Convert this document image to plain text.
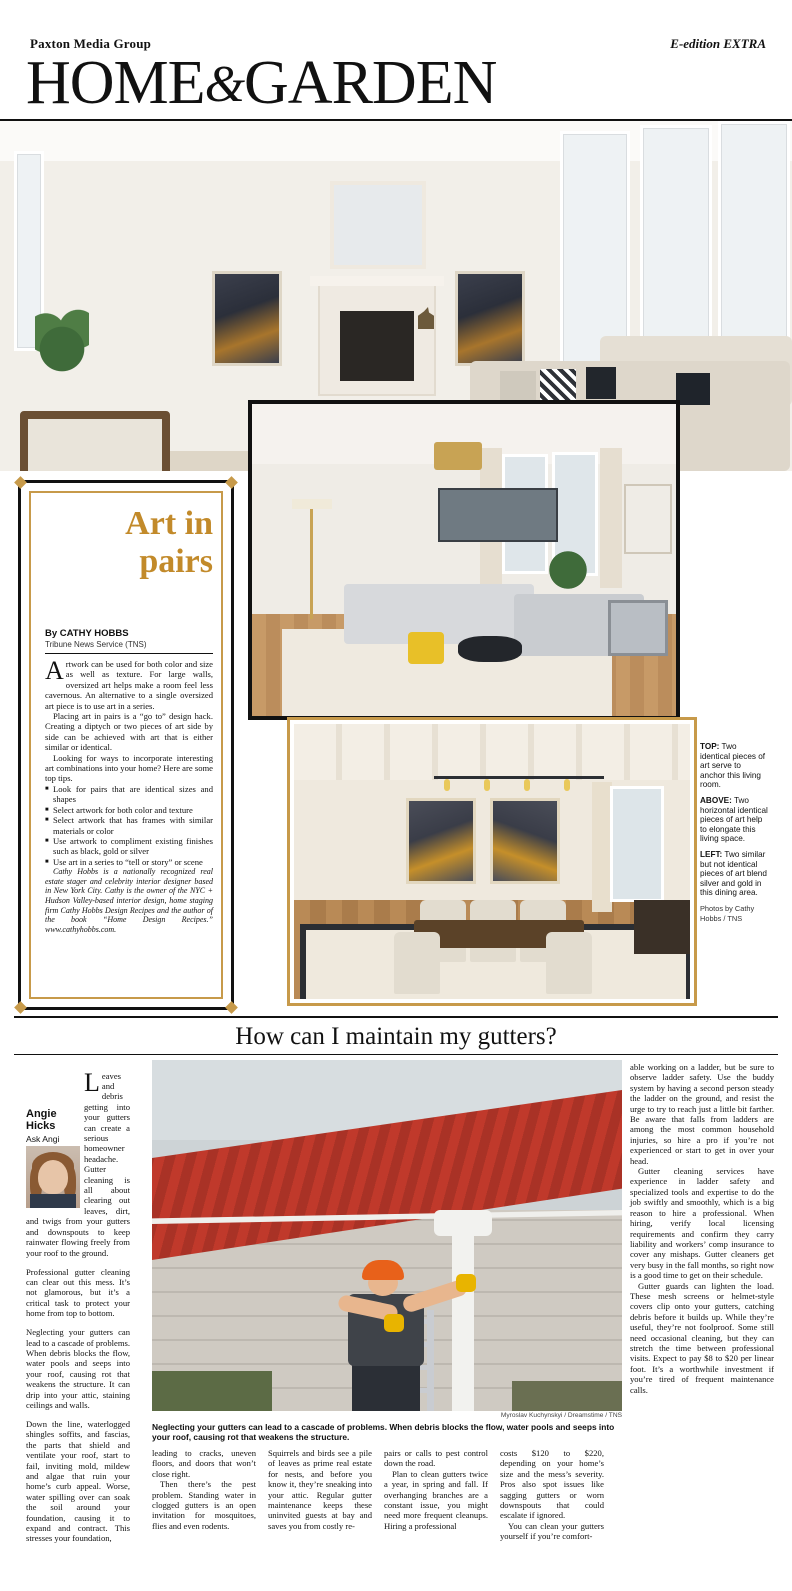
Paxton Media Group	E-edition EXTRA
HOME&GARDEN
Art in
pairs
By CATHY HOBBS
Tribune News Service (TNS)

Artwork can be used for both color and size as well as texture. For large walls, oversized art helps make a room feel less cavernous. An alternative to a single oversized art piece is to use art in a series.

Placing art in pairs is a “go to” design hack. Creating a diptych or two pieces of art side by side can be achieved with art that is either similar or identical.

Looking for ways to incorporate interesting art combinations into your home? Here are some top tips.

■ Look for pairs that are identical sizes and shapes

■ Select artwork for both color and texture

■ Select artwork that has frames with similar materials or color

■ Use artwork to compliment existing finishes such as black, gold or silver

■ Use art in a series to “tell or story” or scene

Cathy Hobbs is a nationally recognized real estate stager and celebrity interior designer based in New York City. Cathy is the owner of the NYC + Hudson Valley-based interior design, home staging firm Cathy Hobbs Design Recipes and the author of the book “Home Design Recipes.” www.cathyhobbs.com.

TOP: Two identical pieces of art serve to anchor this living room.

ABOVE: Two horizontal identical pieces of art help to elongate this living space.

LEFT: Two similar but not identical pieces of art blend silver and gold in this dining area.

Photos by Cathy Hobbs / TNS

How can I maintain my gutters?

Leaves and debris getting into your gutters can create a serious homeowner headache. Gutter cleaning is all about clearing out leaves, dirt, and twigs from your gutters and downspouts to keep rainwater flowing freely from your roof to the ground.

Professional gutter cleaning can clear out this mess. It’s not glamorous, but it’s a critical task to protect your home from top to bottom.

Neglecting your gutters can lead to a cascade of problems. When debris blocks the flow, water pools and seeps into your roof, causing rot that weakens the structure. It can drip into your attic, staining ceilings and walls.

Down the line, waterlogged shingles soffits, and fascias, the parts that shield and ventilate your roof, start to fail, inviting mold, mildew and algae that ruin your home’s curb appeal. Worse, water spilling over can soak the soil around your foundation, causing it to expand and contract. This stresses your foundation,

Angie Hicks
Ask Angi
Myroslav Kuchynskyi / Dreamstime / TNS
Neglecting your gutters can lead to a cascade of problems. When debris blocks the flow, water pools and seeps into your roof, causing rot that weakens the structure.

able working on a ladder, but be sure to observe ladder safety. Use the buddy system by having a second person steady the ladder on the ground, and resist the urge to try to reach just a little bit farther. Be aware that falls from ladders are among the most common household injuries, so hire a pro if you’re not experienced or start to get in over your head.

Gutter cleaning services have experience in ladder safety and specialized tools and expertise to do the job swiftly and smoothly, which is a big reason to hire a professional. When hiring, verify local licensing requirements and confirm they carry liability and workers’ comp insurance to cover any mishaps. Gutter cleaners get very busy in the fall months, so right now is a good time to get on their schedule.

Gutter guards can lighten the load. These mesh screens or helmet-style covers clip onto your gutters, catching debris before it builds up. While they’re useful, they’re not foolproof. Some still need occasional cleaning, but they can stretch the time between professional visits. Expect to pay $8 to $20 per linear foot. It’s a worthwhile investment if you’re tired of frequent maintenance calls.

leading to cracks, uneven floors, and doors that won’t close right.

Then there’s the pest problem. Standing water in clogged gutters is an open invitation for mosquitoes, flies and even rodents.

Squirrels and birds see a pile of leaves as prime real estate for nests, and before you know it, they’re sneaking into your attic. Regular gutter maintenance keeps these uninvited guests at bay and saves you from costly re-

pairs or calls to pest control down the road.

Plan to clean gutters twice a year, in spring and fall. If overhanging branches are a constant issue, you might need more frequent cleanups. Hiring a professional

costs $120 to $220, depending on your home’s size and the mess’s severity. Pros also spot issues like sagging gutters or worn downspouts that could escalate if ignored.

You can clean your gutters yourself if you’re comfort-
